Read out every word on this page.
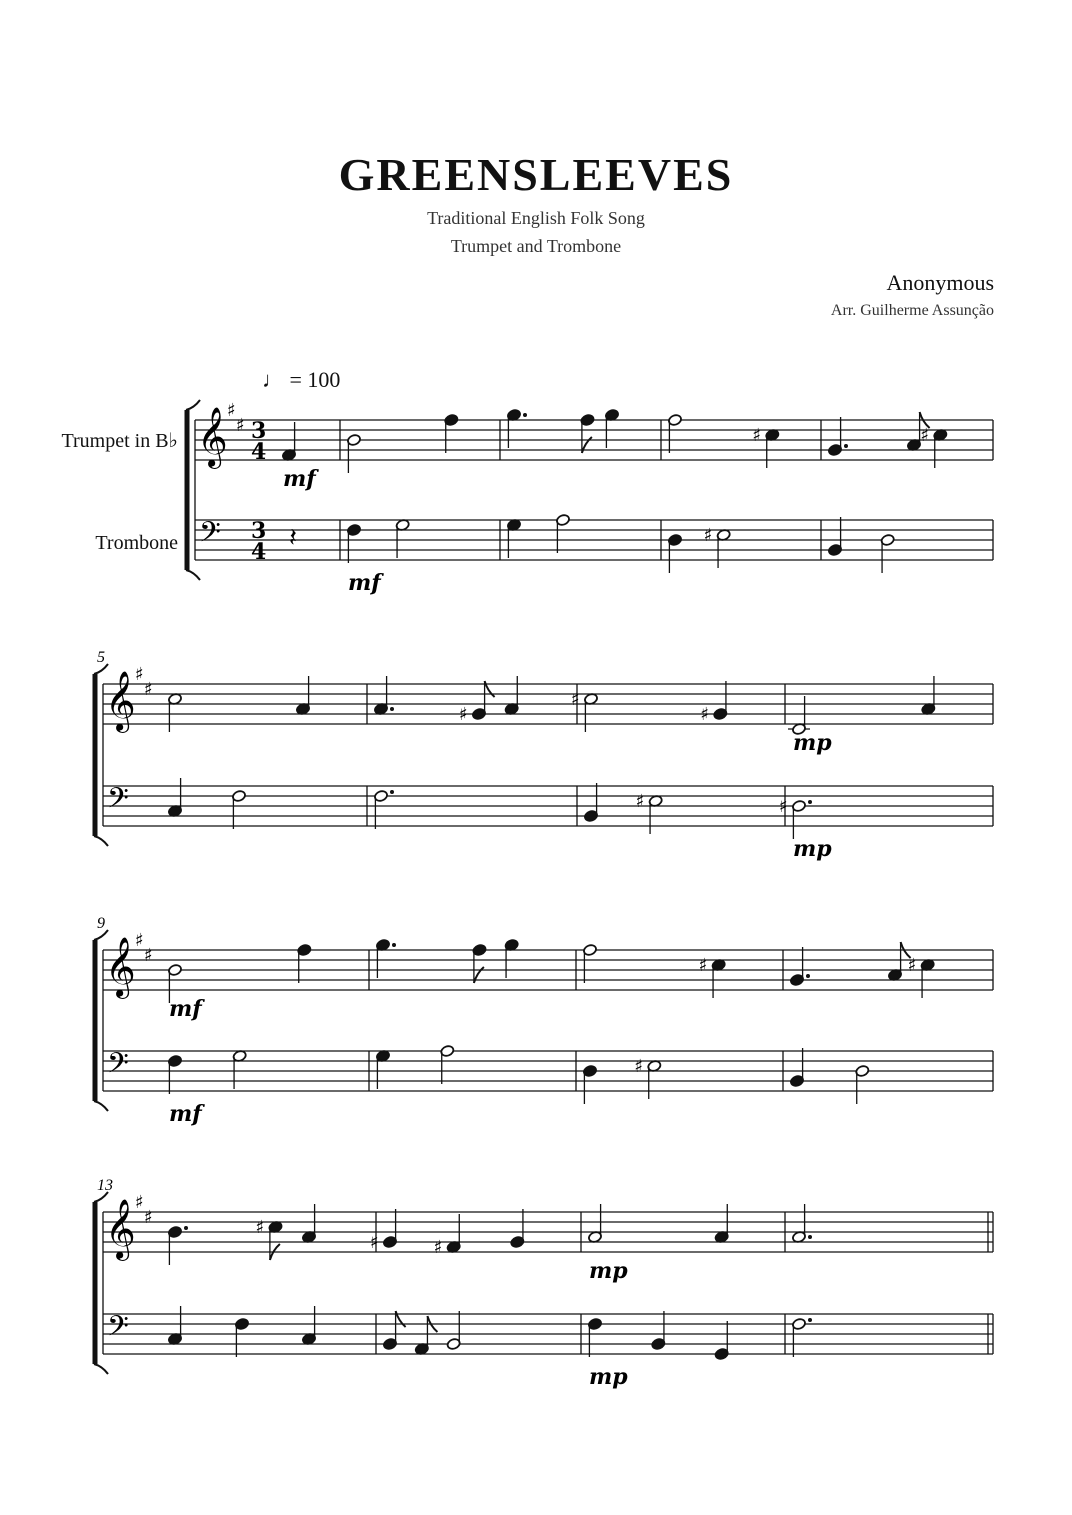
GREENSLEEVES
Traditional English Folk Song
Trumpet and Trombone
Anonymous
Arr. Guilherme Assunção
♩ = 100
Trumpet in B♭
Trombone
𝄞
𝄢
♯
♯ 3
4
3
4 𝄽
♯
♯
♯
mf
mf
𝄞
𝄢
♯
♯
5
♯
♯
♯
♯	♯
mp
mp
𝄞
𝄢
♯
♯
9
♯
♯
♯
mf
mf
𝄞
𝄢
♯
♯
13
♯
♯	♯
mp
mp
